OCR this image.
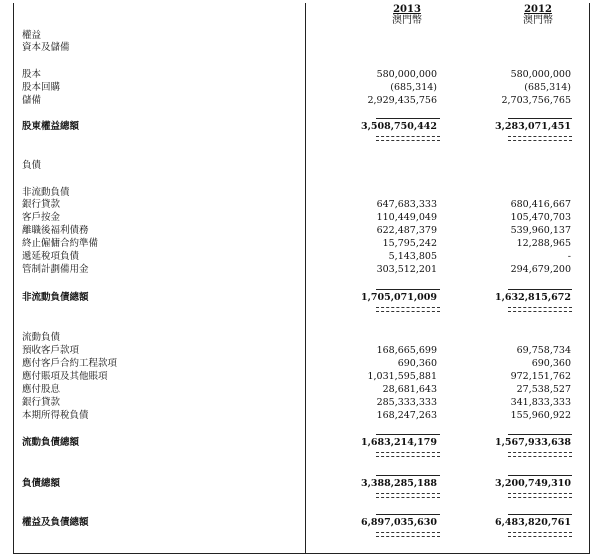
2013
澳門幣
2012
澳門幣
權益
資本及儲備
股本	580,000,000	580,000,000
股本回購	(685,314)	(685,314)
儲備	2,929,435,756	2,703,756,765
股東權益總額	3,508,750,442	3,283,071,451
負債
非流動負債
銀行貸款	647,683,333	680,416,667
客戶按金	110,449,049	105,470,703
離職後福利債務	622,487,379	539,960,137
終止僱傭合約準備	15,795,242	12,288,965
遞延稅項負債	5,143,805	-
管制計劃備用金	303,512,201	294,679,200
非流動負債總額	1,705,071,009	1,632,815,672
流動負債
預收客戶款項	168,665,699	69,758,734
應付客戶合約工程款項	690,360	690,360
應付賬項及其他賬項	1,031,595,881	972,151,762
應付股息	28,681,643	27,538,527
銀行貸款	285,333,333	341,833,333
本期所得稅負債	168,247,263	155,960,922
流動負債總額	1,683,214,179	1,567,933,638
負債總額	3,388,285,188	3,200,749,310
權益及負債總額	6,897,035,630	6,483,820,761
